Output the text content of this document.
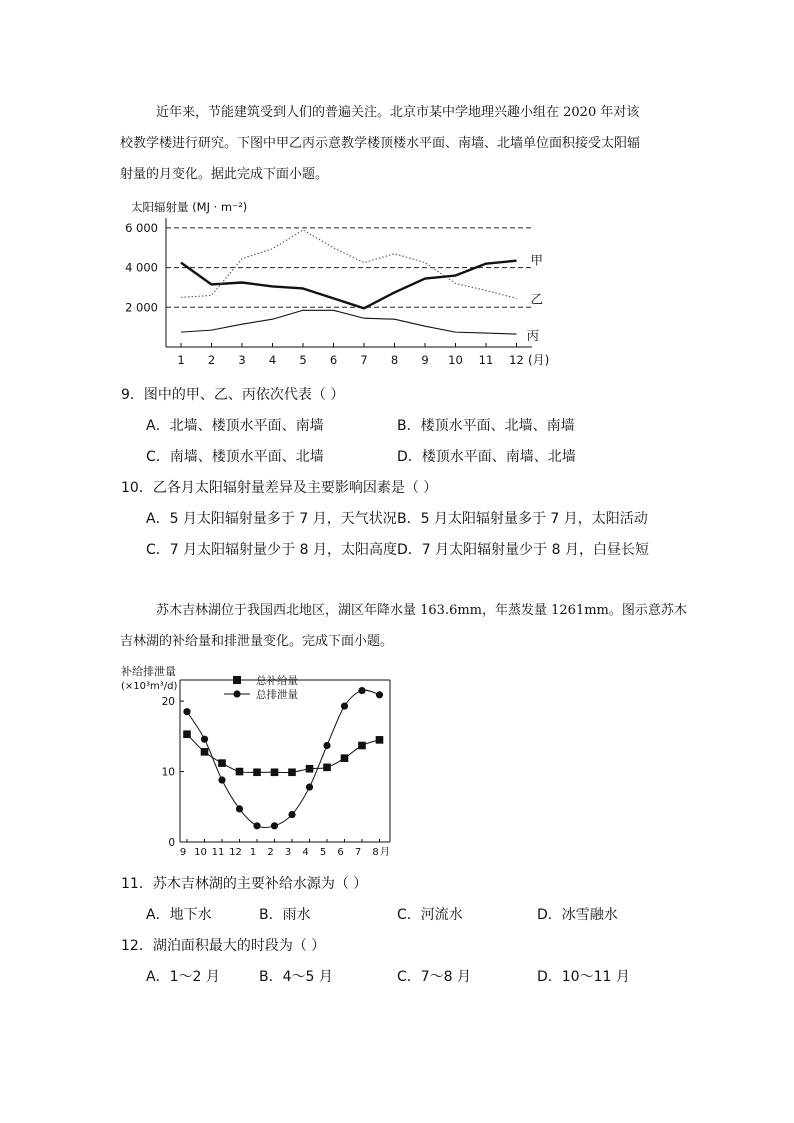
近年来，节能建筑受到人们的普遍关注。北京市某中学地理兴趣小组在 2020 年对该
校教学楼进行研究。下图中甲乙丙示意教学楼顶楼水平面、南墙、北墙单位面积接受太阳辐
射量的月变化。据此完成下面小题。

太阳辐射量 (MJ · m⁻²)
2 000
4 000
6 000
1 2 3 4 5 6 7 8 9 10 11 12 (月)
甲
乙
丙
9．图中的甲、乙、丙依次代表（ ）
A．北墙、楼顶水平面、南墙	B．楼顶水平面、北墙、南墙
C．南墙、楼顶水平面、北墙	D．楼顶水平面、南墙、北墙
10．乙各月太阳辐射量差异及主要影响因素是（ ）
A．5 月太阳辐射量多于 7 月，天气状况 B．5 月太阳辐射量多于 7 月，太阳活动
C．7 月太阳辐射量少于 8 月，太阳高度 D．7 月太阳辐射量少于 8 月，白昼长短

苏木吉林湖位于我国西北地区，湖区年降水量 163.6mm，年蒸发量 1261mm。图示意苏木
吉林湖的补给量和排泄量变化。完成下面小题。

补给排泄量
(×10³m³/d)
0
10
20
9 10 11 12 1 2 3 4 5 6 7 8 月
总补给量
总排泄量
11．苏木吉林湖的主要补给水源为（ ）
A．地下水	B．雨水	C．河流水	D．冰雪融水
12．湖泊面积最大的时段为（ ）
A．1～2 月	B．4～5 月	C．7～8 月	D．10～11 月
